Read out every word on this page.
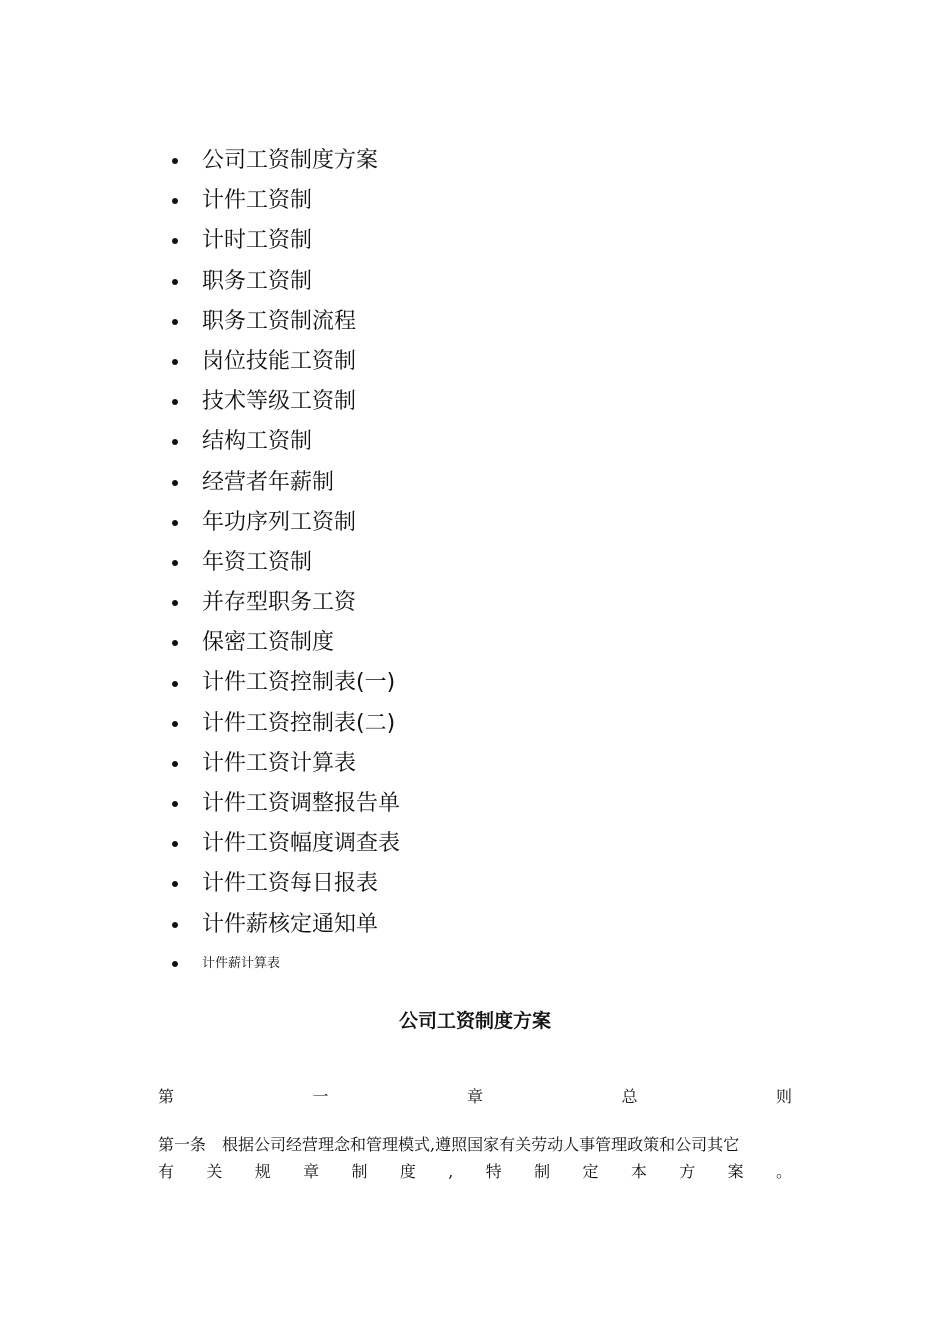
公司工资制度方案
计件工资制
计时工资制
职务工资制
职务工资制流程
岗位技能工资制
技术等级工资制
结构工资制
经营者年薪制
年功序列工资制
年资工资制
并存型职务工资
保密工资制度
计件工资控制表(一)
计件工资控制表(二)
计件工资计算表
计件工资调整报告单
计件工资幅度调查表
计件工资每日报表
计件薪核定通知单
计件薪计算表
公司工资制度方案
第	一	章	总	则
第一条　根据公司经营理念和管理模式,遵照国家有关劳动人事管理政策和公司其它
有 关 规 章 制 度 , 特 制 定 本 方 案 。
